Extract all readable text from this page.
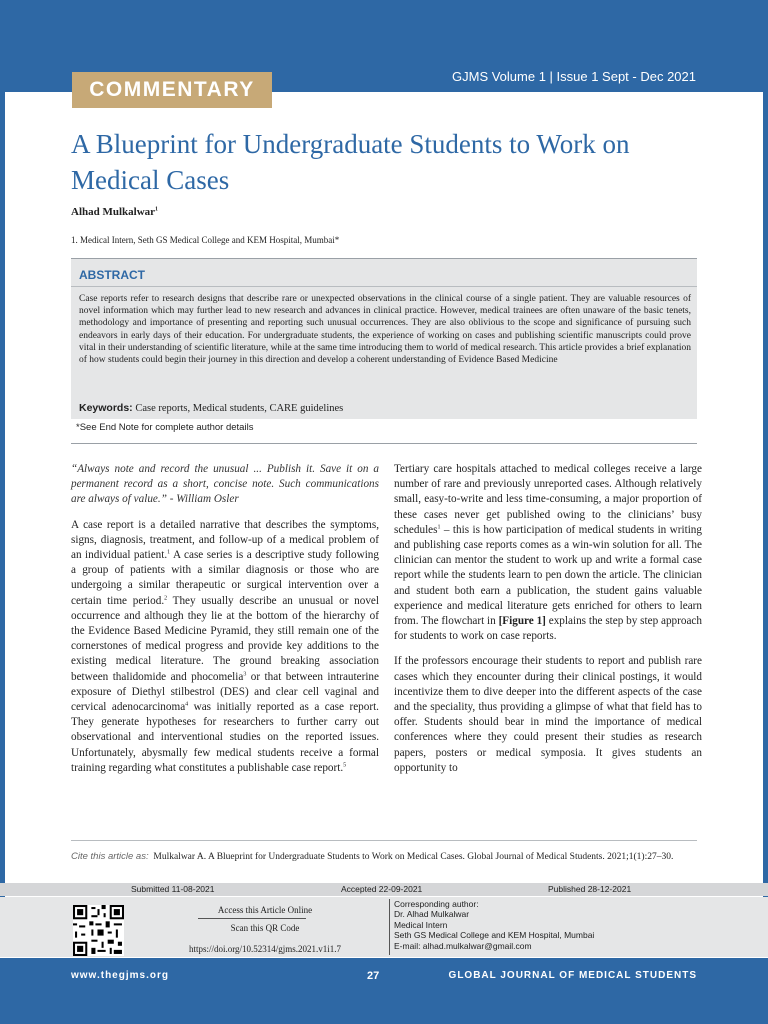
COMMENTARY
GJMS Volume 1 | Issue 1 Sept - Dec 2021
A Blueprint for Undergraduate Students to Work on
Medical Cases
Alhad Mulkalwar$^1$
1. Medical Intern, Seth GS Medical College and KEM Hospital, Mumbai*
ABSTRACT
Case reports refer to research designs that describe rare or unexpected observations in the clinical course of a single patient. They are valuable resources of novel information which may further lead to new research and advances in clinical practice. However, medical trainees are often unaware of the basic tenets, methodology and importance of presenting and reporting such unusual occurrences. They are also oblivious to the scope and significance of pursuing such endeavors in early days of their education. For undergraduate students, the experience of working on cases and publishing scientific manuscripts could prove vital in their understanding of scientific literature, while at the same time introducing them to world of medical research. This article provides a brief explanation of how students could begin their journey in this direction and develop a coherent understanding of Evidence Based Medicine
Keywords: Case reports, Medical students, CARE guidelines
*See End Note for complete author details

“Always note and record the unusual ... Publish it. Save it on a permanent record as a short, concise note. Such communications are always of value.” - William Osler

A case report is a detailed narrative that describes the symptoms, signs, diagnosis, treatment, and follow-up of a medical problem of an individual patient.$^1$ A case series is a descriptive study following a group of patients with a similar diagnosis or those who are undergoing a similar therapeutic or surgical intervention over a certain time period.$^2$ They usually describe an unusual or novel occurrence and although they lie at the bottom of the hierarchy of the Evidence Based Medicine Pyramid, they still remain one of the cornerstones of medical progress and provide key additions to the existing medical literature. The ground breaking association between thalidomide and phocomelia$^3$ or that between intrauterine exposure of Diethyl stilbestrol (DES) and clear cell vaginal and cervical adenocarcinoma$^4$ was initially reported as a case report. They generate hypotheses for researchers to further carry out observational and interventional studies on the reported issues. Unfortunately, abysmally few medical students receive a formal training regarding what constitutes a publishable case report.$^5$

Tertiary care hospitals attached to medical colleges receive a large number of rare and previously unreported cases. Although relatively small, easy-to-write and less time-consuming, a major proportion of these cases never get published owing to the clinicians’ busy schedules$^1$ – this is how participation of medical students in writing and publishing case reports comes as a win-win solution for all. The clinician can mentor the student to work up and write a formal case report while the students learn to pen down the article. The clinician and student both earn a publication, the student gains valuable experience and medical literature gets enriched for others to learn from. The flowchart in [Figure 1] explains the step by step approach for students to work on case reports.

If the professors encourage their students to report and publish rare cases which they encounter during their clinical postings, it would incentivize them to dive deeper into the different aspects of the case and the speciality, thus providing a glimpse of what that field has to offer. Students should bear in mind the importance of medical conferences where they could present their studies as research papers, posters or medical symposia. It gives students an opportunity to

Cite this article as: Mulkalwar A. A Blueprint for Undergraduate Students to Work on Medical Cases. Global Journal of Medical Students. 2021;1(1):27–30.
Submitted 11-08-2021	Accepted 22-09-2021	Published 28-12-2021
Access this Article Online
Scan this QR Code
https://doi.org/10.52314/gjms.2021.v1i1.7
Corresponding author:
Dr. Alhad Mulkalwar
Medical Intern
Seth GS Medical College and KEM Hospital, Mumbai
E-mail: alhad.mulkalwar@gmail.com
www.thegjms.org	27	GLOBAL JOURNAL OF MEDICAL STUDENTS
